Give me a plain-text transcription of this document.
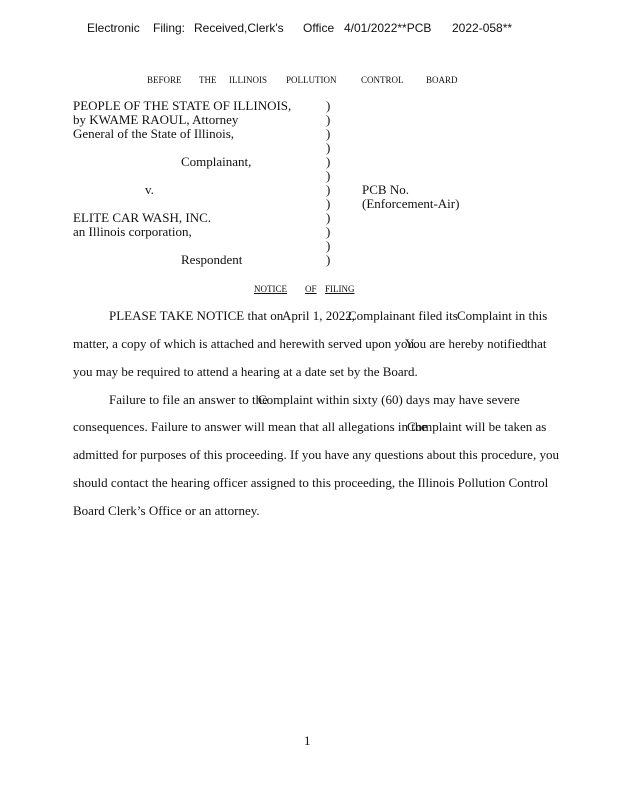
Electronic Filing: Received,Clerk's Office 4/01/2022**PCB 2022-058**
BEFORE THE ILLINOIS POLLUTION	CONTROL	BOARD
PEOPLE OF THE STATE OF ILLINOIS,
by KWAME RAOUL, Attorney
General of the State of Illinois,
Complainant,
v.
ELITE CAR WASH, INC.
an Illinois corporation,
Respondent
PCB No.
(Enforcement-Air)
)
)
)
)
)
)
)
)
)
)
)
)
NOTICE OF FILING
PLEASE TAKE NOTICE that on
April 1, 2022,
Complainant filed its Complaint in this
matter, a copy of which is attached and herewith served upon you.
You are hereby notified that
you may be required to attend a hearing at a date set by the Board.
Failure to file an answer to the
Complaint within sixty (60) days may have severe
consequences. Failure to answer will mean that all allegations in the
Complaint will be taken as
admitted for purposes of this proceeding. If you have any questions about this procedure, you
should contact the hearing officer assigned to this proceeding, the Illinois Pollution Control
Board Clerk’s Office or an attorney.
1
